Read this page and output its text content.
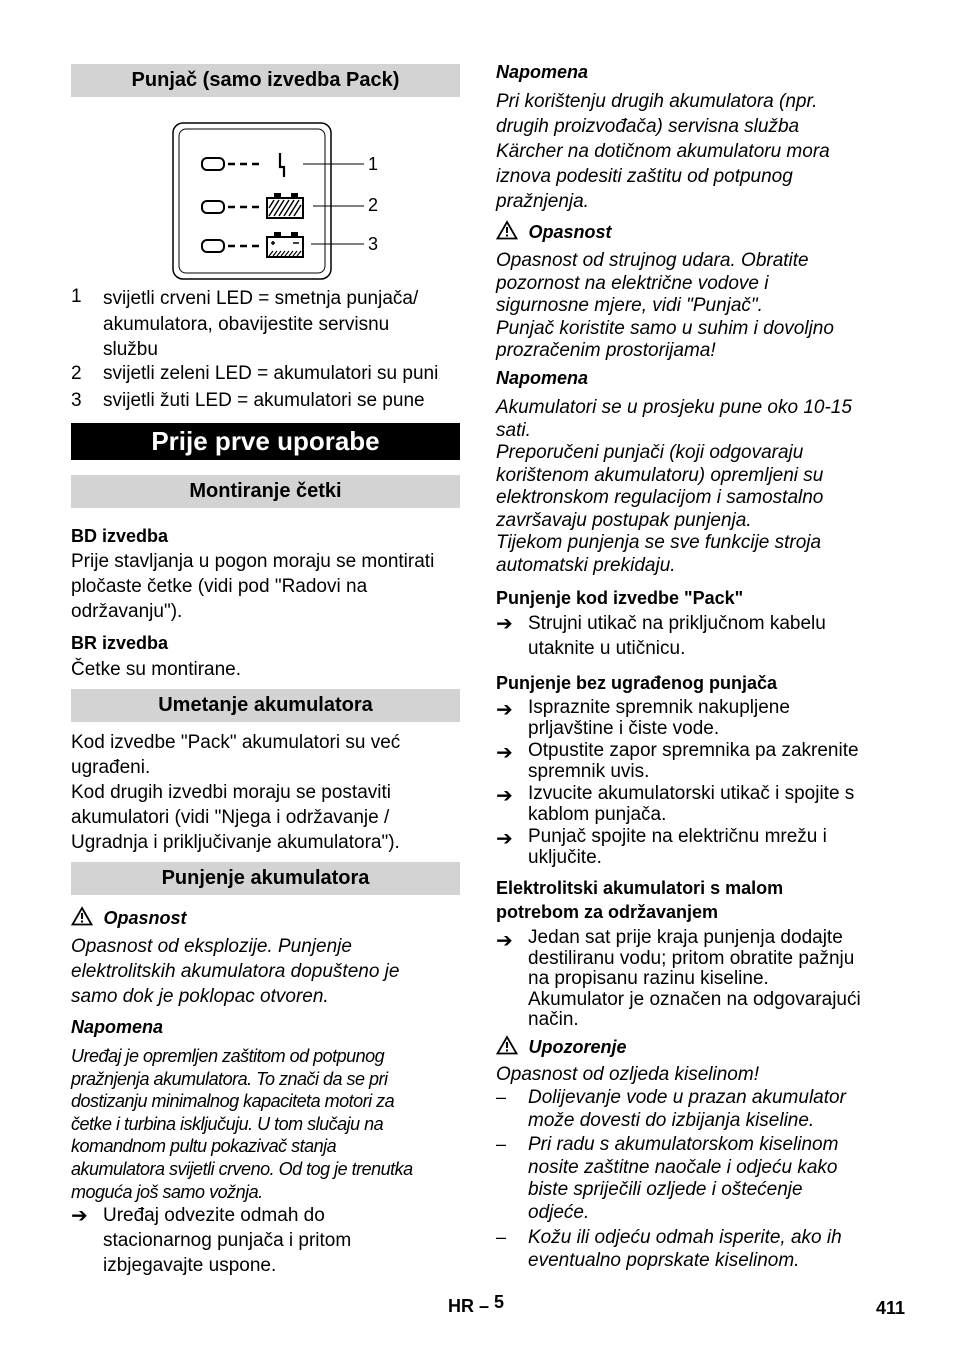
Punjač (samo izvedba Pack)
1
2
3
1 svijetli crveni LED = smetnja punjača/
akumulatora, obavijestite servisnu
službu
2 svijetli zeleni LED = akumulatori su puni
3 svijetli žuti LED = akumulatori se pune
Prije prve uporabe
Montiranje četki
BD izvedba
Prije stavljanja u pogon moraju se montirati
pločaste četke (vidi pod "Radovi na
održavanju").
BR izvedba
Četke su montirane.
Umetanje akumulatora
Kod izvedbe "Pack" akumulatori su već
ugrađeni.
Kod drugih izvedbi moraju se postaviti
akumulatori (vidi "Njega i održavanje /
Ugradnja i priključivanje akumulatora").
Punjenje akumulatora
Opasnost
Opasnost od eksplozije. Punjenje
elektrolitskih akumulatora dopušteno je
samo dok je poklopac otvoren.
Napomena
Uređaj je opremljen zaštitom od potpunog
pražnjenja akumulatora. To znači da se pri
dostizanju minimalnog kapaciteta motori za
četke i turbina isključuju. U tom slučaju na
komandnom pultu pokazivač stanja
akumulatora svijetli crveno. Od tog je trenutka
moguća još samo vožnja.
➔ Uređaj odvezite odmah do
stacionarnog punjača i pritom
izbjegavajte uspone.
Napomena
Pri korištenju drugih akumulatora (npr.
drugih proizvođača) servisna služba
Kärcher na dotičnom akumulatoru mora
iznova podesiti zaštitu od potpunog
pražnjenja.
Opasnost
Opasnost od strujnog udara. Obratite
pozornost na električne vodove i
sigurnosne mjere, vidi "Punjač".
Punjač koristite samo u suhim i dovoljno
prozračenim prostorijama!
Napomena
Akumulatori se u prosjeku pune oko 10-15
sati.
Preporučeni punjači (koji odgovaraju
korištenom akumulatoru) opremljeni su
elektronskom regulacijom i samostalno
završavaju postupak punjenja.
Tijekom punjenja se sve funkcije stroja
automatski prekidaju.
Punjenje kod izvedbe "Pack"
➔ Strujni utikač na priključnom kabelu
utaknite u utičnicu.
Punjenje bez ugrađenog punjača
➔ Ispraznite spremnik nakupljene
prljavštine i čiste vode.
➔ Otpustite zapor spremnika pa zakrenite
spremnik uvis.
➔ Izvucite akumulatorski utikač i spojite s
kablom punjača.
➔ Punjač spojite na električnu mrežu i
uključite.
Elektrolitski akumulatori s malom
potrebom za održavanjem
➔ Jedan sat prije kraja punjenja dodajte
destiliranu vodu; pritom obratite pažnju
na propisanu razinu kiseline.
Akumulator je označen na odgovarajući
način.
Upozorenje
Opasnost od ozljeda kiselinom!
– Dolijevanje vode u prazan akumulator
može dovesti do izbijanja kiseline.
– Pri radu s akumulatorskom kiselinom
nosite zaštitne naočale i odjeću kako
biste spriječili ozljede i oštećenje
odjeće.
– Kožu ili odjeću odmah isperite, ako ih
eventualno poprskate kiselinom.
HR – 5	411
